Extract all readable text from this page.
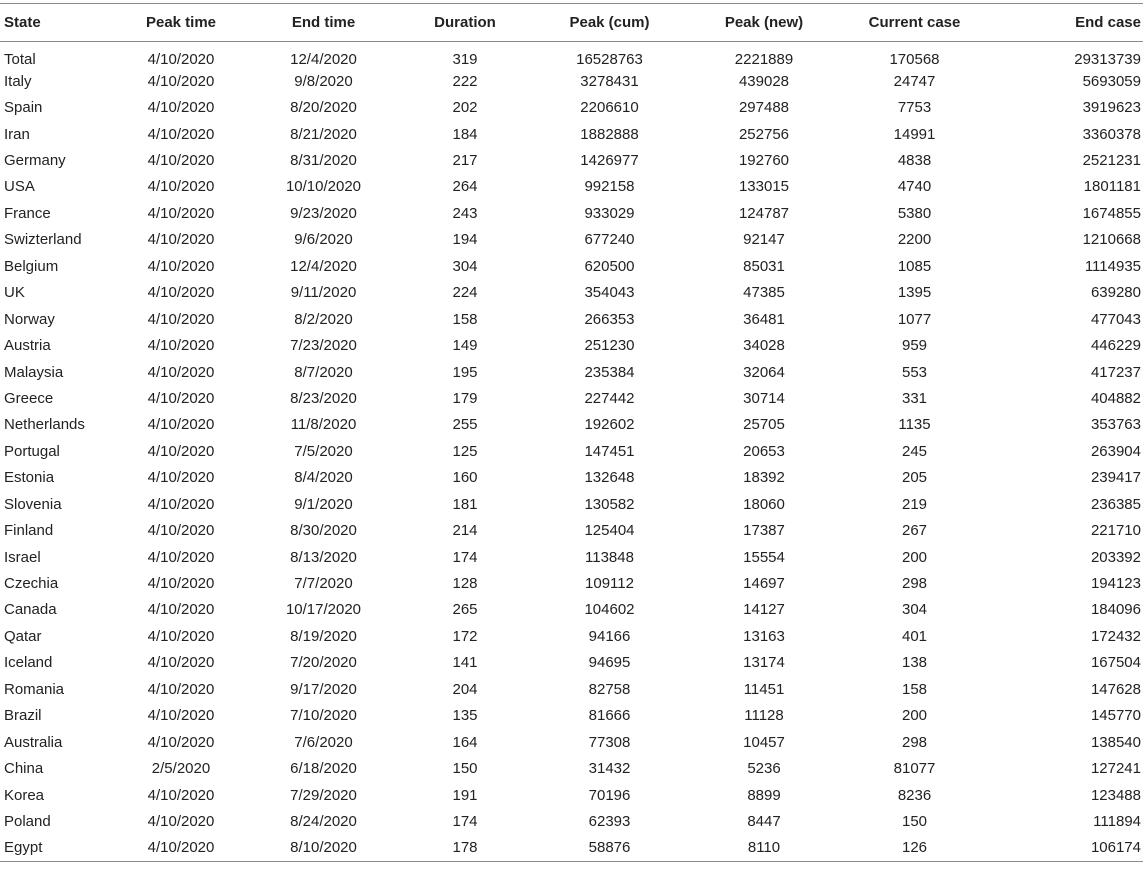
State	Peak time	End time	Duration	Peak (cum)	Peak (new)	Current case	End case
Total	4/10/2020	12/4/2020	319	16528763	2221889	170568	29313739
Italy	4/10/2020	9/8/2020	222	3278431	439028	24747	5693059
Spain	4/10/2020	8/20/2020	202	2206610	297488	7753	3919623
Iran	4/10/2020	8/21/2020	184	1882888	252756	14991	3360378
Germany	4/10/2020	8/31/2020	217	1426977	192760	4838	2521231
USA	4/10/2020	10/10/2020	264	992158	133015	4740	1801181
France	4/10/2020	9/23/2020	243	933029	124787	5380	1674855
Swizterland	4/10/2020	9/6/2020	194	677240	92147	2200	1210668
Belgium	4/10/2020	12/4/2020	304	620500	85031	1085	1114935
UK	4/10/2020	9/11/2020	224	354043	47385	1395	639280
Norway	4/10/2020	8/2/2020	158	266353	36481	1077	477043
Austria	4/10/2020	7/23/2020	149	251230	34028	959	446229
Malaysia	4/10/2020	8/7/2020	195	235384	32064	553	417237
Greece	4/10/2020	8/23/2020	179	227442	30714	331	404882
Netherlands	4/10/2020	11/8/2020	255	192602	25705	1135	353763
Portugal	4/10/2020	7/5/2020	125	147451	20653	245	263904
Estonia	4/10/2020	8/4/2020	160	132648	18392	205	239417
Slovenia	4/10/2020	9/1/2020	181	130582	18060	219	236385
Finland	4/10/2020	8/30/2020	214	125404	17387	267	221710
Israel	4/10/2020	8/13/2020	174	113848	15554	200	203392
Czechia	4/10/2020	7/7/2020	128	109112	14697	298	194123
Canada	4/10/2020	10/17/2020	265	104602	14127	304	184096
Qatar	4/10/2020	8/19/2020	172	94166	13163	401	172432
Iceland	4/10/2020	7/20/2020	141	94695	13174	138	167504
Romania	4/10/2020	9/17/2020	204	82758	11451	158	147628
Brazil	4/10/2020	7/10/2020	135	81666	11128	200	145770
Australia	4/10/2020	7/6/2020	164	77308	10457	298	138540
China	2/5/2020	6/18/2020	150	31432	5236	81077	127241
Korea	4/10/2020	7/29/2020	191	70196	8899	8236	123488
Poland	4/10/2020	8/24/2020	174	62393	8447	150	111894
Egypt	4/10/2020	8/10/2020	178	58876	8110	126	106174
